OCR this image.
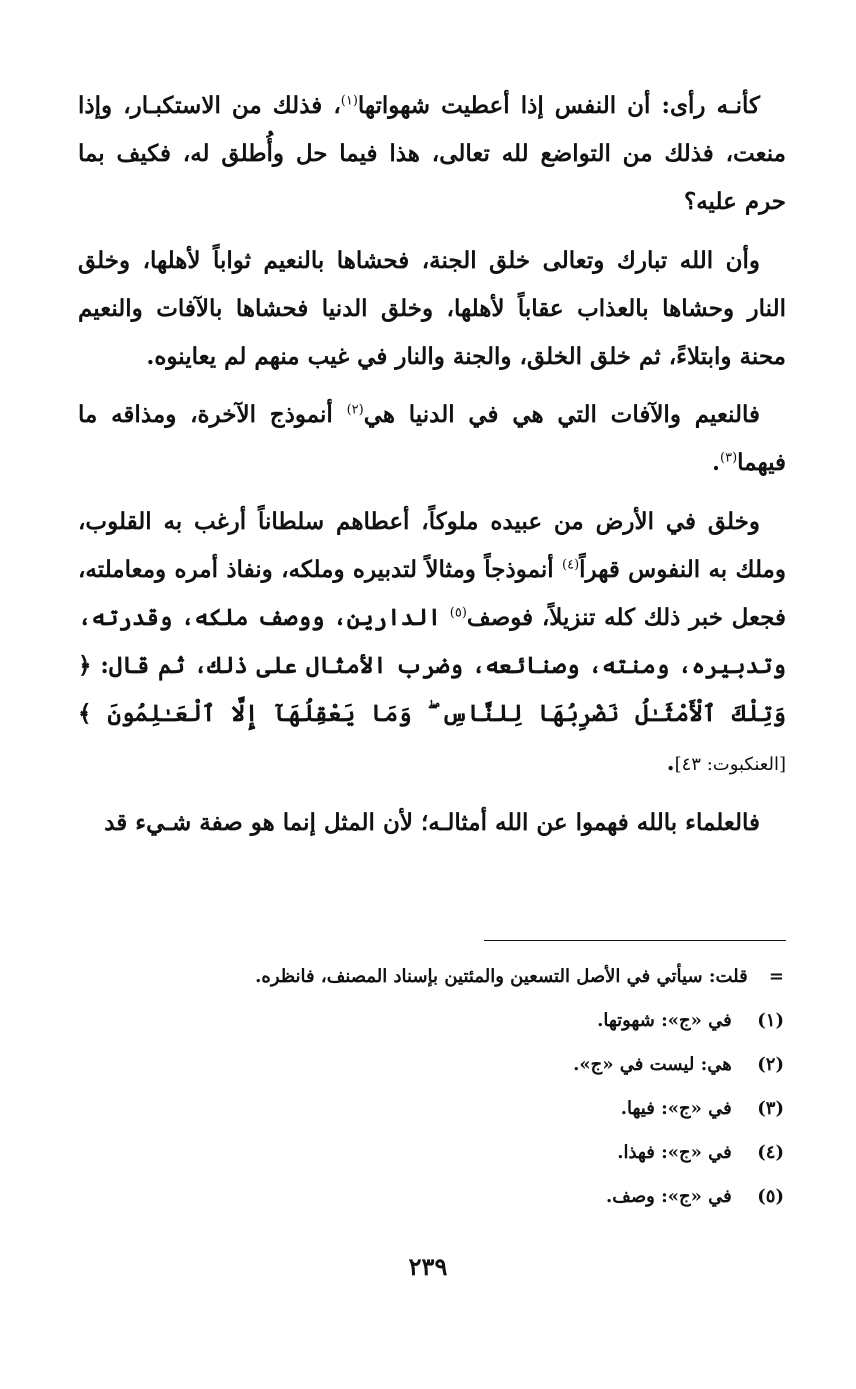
كأنـه رأى: أن النفس إذا أعطيت شهواتها$^{(١)}$، فذلك من الاستكبـار، وإذا منعت، فذلك من التواضع لله تعالى، هذا فيما حل وأُطلق له، فكيف بما حرم عليه؟

وأن الله تبارك وتعالى خلق الجنة، فحشاها بالنعيم ثواباً لأهلها، وخلق النار وحشاها بالعذاب عقاباً لأهلها، وخلق الدنيا فحشاها بالآفات والنعيم محنة وابتلاءً، ثم خلق الخلق، والجنة والنار في غيب منهم لم يعاينوه.

فالنعيم والآفات التي هي في الدنيا هي$^{(٢)}$ أنموذج الآخرة، ومذاقه ما فيهما$^{(٣)}$.

وخلق في الأرض من عبيده ملوكاً، أعطاهم سلطاناً أرغب به القلوب، وملك به النفوس قهراً$^{(٤)}$ أنموذجاً ومثالاً لتدبيره وملكه، ونفاذ أمره ومعاملته، فجعل خبر ذلك كله تنزيلاً، فوصف$^{(٥)}$ الدارين، ووصف ملكه، وقدرته، وتدبيره، ومنته، وصنائعه، وضرب الأمثال على ذلك، ثم قال: ﴿ وَتِلْكَ ٱلْأَمْثَـٰلُ نَضْرِبُهَا لِلنَّاسِ ۖ وَمَا يَعْقِلُهَآ إِلَّا ٱلْعَـٰلِمُونَ ﴾[العنكبوت: ٤٣].

فالعلماء بالله فهموا عن الله أمثالـه؛ لأن المثل إنما هو صفة شـيء قد

= قلت: سيأتي في الأصل التسعين والمئتين بإسناد المصنف، فانظره.
(١) في «ج»: شهوتها.
(٢) هي: ليست في «ج».
(٣) في «ج»: فيها.
(٤) في «ج»: فهذا.
(٥) في «ج»: وصف.
٢٣٩
